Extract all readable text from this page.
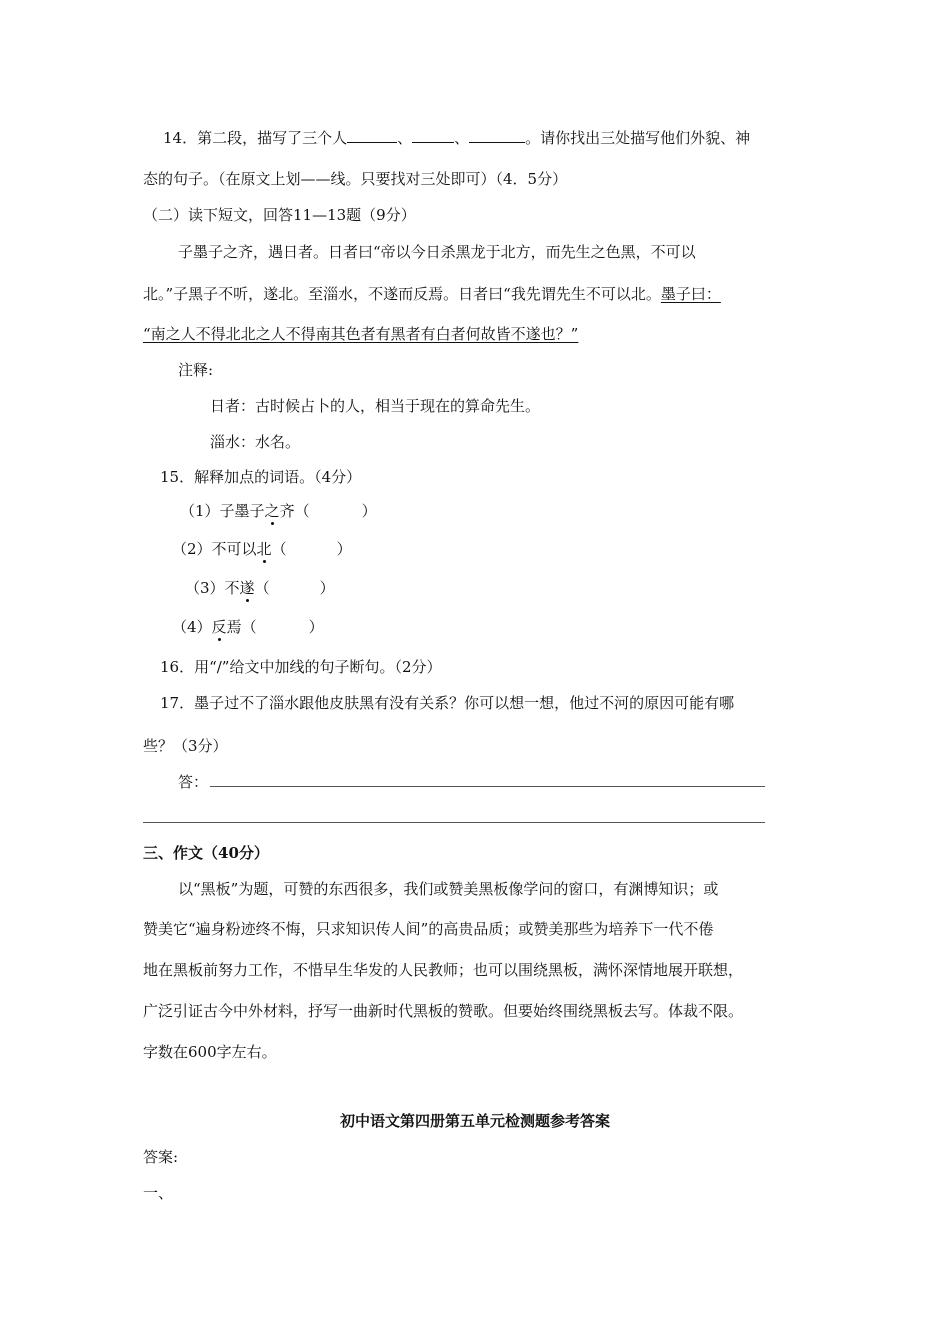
14．第二段，描写了三个人	、	、	。请你找出三处描写他们外貌、神
态的句子。（在原文上划——线。只要找对三处即可）（4．5分）
（二）读下短文，回答11—13题（9分）
子墨子之齐，遇日者。日者曰“帝以今日杀黑龙于北方，而先生之色黑，不可以
北。”子黑子不听，遂北。至淄水，不遂而反焉。日者曰“我先谓先生不可以北。墨子曰：
“南之人不得北北之人不得南其色者有黑者有白者何故皆不遂也？”
注释:
日者：古时候占卜的人，相当于现在的算命先生。
淄水：水名。
15．解释加点的词语。（4分）
（1）子墨子之齐（	）
（2）不可以北（	）
（3）不遂（	）
（4）反焉（	）
16．用“/”给文中加线的句子断句。（2分）
17．墨子过不了淄水跟他皮肤黑有没有关系？你可以想一想，他过不河的原因可能有哪
些？（3分）
答：
三、作文（40分）
以“黑板”为题，可赞的东西很多，我们或赞美黑板像学问的窗口，有渊博知识；或
赞美它“遍身粉迹终不悔，只求知识传人间”的高贵品质；或赞美那些为培养下一代不倦
地在黑板前努力工作，不惜早生华发的人民教师；也可以围绕黑板，满怀深情地展开联想，
广泛引证古今中外材料，抒写一曲新时代黑板的赞歌。但要始终围绕黑板去写。体裁不限。
字数在600字左右。
初中语文第四册第五单元检测题参考答案
答案:
一、
